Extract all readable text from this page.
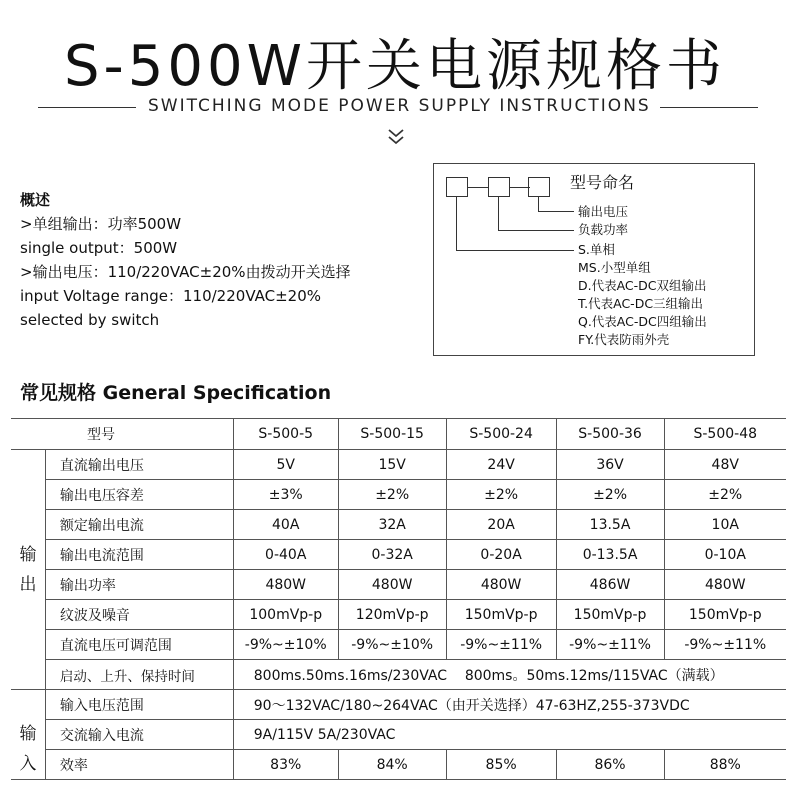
S-500W开关电源规格书
SWITCHING MODE POWER SUPPLY INSTRUCTIONS
概述
>单组输出：功率500W
single output：500W
>输出电压：110/220VAC±20%由拨动开关选择
input Voltage range：110/220VAC±20%
selected by switch
型号命名
输出电压
负载功率
S.单相
MS.小型单组
D.代表AC-DC双组输出
T.代表AC-DC三组输出
Q.代表AC-DC四组输出
FY.代表防雨外壳
常见规格 General Specification
型号		S-500-5	S-500-15	S-500-24	S-500-36	S-500-48
输
出	直流输出电压	5V	15V	24V	36V	48V
	输出电压容差	±3%	±2%	±2%	±2%	±2%
	额定输出电流	40A	32A	20A	13.5A	10A
	输出电流范围	0-40A	0-32A	0-20A	0-13.5A	0-10A
	输出功率	480W	480W	480W	486W	480W
	纹波及噪音	100mVp-p	120mVp-p	150mVp-p	150mVp-p	150mVp-p
	直流电压可调范围	-9%~±10%	-9%~±10%	-9%~±11%	-9%~±11%	-9%~±11%
	启动、上升、保持时间	800ms.50ms.16ms/230VAC    800ms。50ms.12ms/115VAC（满载）				
输
入	输入电压范围	90～132VAC/180~264VAC（由开关选择）47-63HZ,255-373VDC				
	交流输入电流	9A/115V 5A/230VAC				
	效率	83%	84%	85%	86%	88%
